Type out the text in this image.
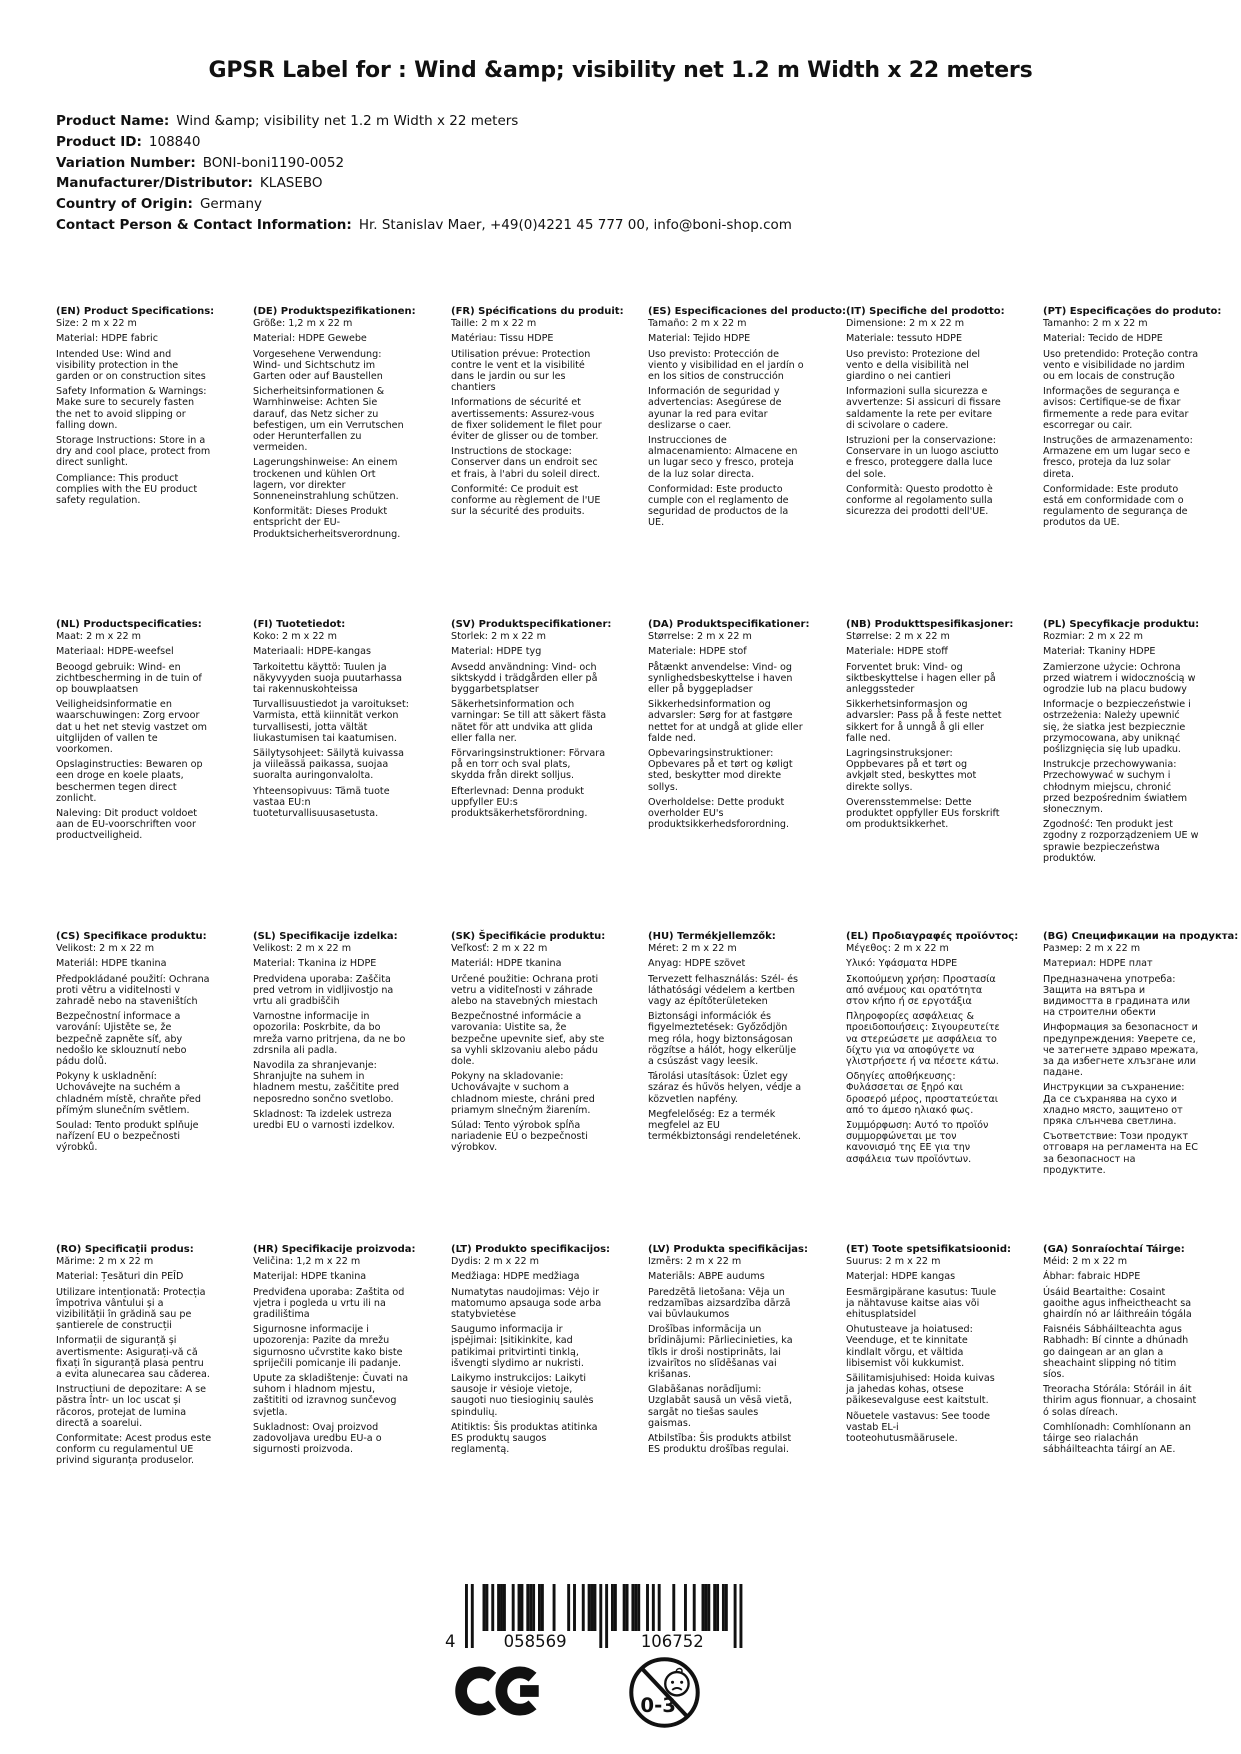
GPSR Label for : Wind &amp; visibility net 1.2 m Width x 22 meters
Product Name: Wind &amp; visibility net 1.2 m Width x 22 meters
Product ID: 108840
Variation Number: BONI-boni1190-0052
Manufacturer/Distributor: KLASEBO
Country of Origin: Germany
Contact Person & Contact Information: Hr. Stanislav Maer, +49(0)4221 45 777 00, info@boni-shop.com
(EN) Product Specifications:

Size: 2 m x 22 m

Material: HDPE fabric

Intended Use: Wind and visibility protection in the garden or on construction sites

Safety Information & Warnings: Make sure to securely fasten the net to avoid slipping or falling down.

Storage Instructions: Store in a dry and cool place, protect from direct sunlight.

Compliance: This product complies with the EU product safety regulation.

(DE) Produktspezifikationen:

Größe: 1,2 m x 22 m

Material: HDPE Gewebe

Vorgesehene Verwendung: Wind- und Sichtschutz im Garten oder auf Baustellen

Sicherheitsinformationen & Warnhinweise: Achten Sie darauf, das Netz sicher zu befestigen, um ein Verrutschen oder Herunterfallen zu vermeiden.

Lagerungshinweise: An einem trockenen und kühlen Ort lagern, vor direkter Sonneneinstrahlung schützen.

Konformität: Dieses Produkt entspricht der EU-Produktsicherheitsverordnung.

(FR) Spécifications du produit:

Taille: 2 m x 22 m

Matériau: Tissu HDPE

Utilisation prévue: Protection contre le vent et la visibilité dans le jardin ou sur les chantiers

Informations de sécurité et avertissements: Assurez-vous de fixer solidement le filet pour éviter de glisser ou de tomber.

Instructions de stockage: Conserver dans un endroit sec et frais, à l'abri du soleil direct.

Conformité: Ce produit est conforme au règlement de l'UE sur la sécurité des produits.

(ES) Especificaciones del producto:

Tamaño: 2 m x 22 m

Material: Tejido HDPE

Uso previsto: Protección de viento y visibilidad en el jardín o en los sitios de construcción

Información de seguridad y advertencias: Asegúrese de ayunar la red para evitar deslizarse o caer.

Instrucciones de almacenamiento: Almacene en un lugar seco y fresco, proteja de la luz solar directa.

Conformidad: Este producto cumple con el reglamento de seguridad de productos de la UE.

(IT) Specifiche del prodotto:

Dimensione: 2 m x 22 m

Materiale: tessuto HDPE

Uso previsto: Protezione del vento e della visibilità nel giardino o nei cantieri

Informazioni sulla sicurezza e avvertenze: Si assicuri di fissare saldamente la rete per evitare di scivolare o cadere.

Istruzioni per la conservazione: Conservare in un luogo asciutto e fresco, proteggere dalla luce del sole.

Conformità: Questo prodotto è conforme al regolamento sulla sicurezza dei prodotti dell'UE.

(PT) Especificações do produto:

Tamanho: 2 m x 22 m

Material: Tecido de HDPE

Uso pretendido: Proteção contra vento e visibilidade no jardim ou em locais de construção

Informações de segurança e avisos: Certifique-se de fixar firmemente a rede para evitar escorregar ou cair.

Instruções de armazenamento: Armazene em um lugar seco e fresco, proteja da luz solar direta.

Conformidade: Este produto está em conformidade com o regulamento de segurança de produtos da UE.

(NL) Productspecificaties:

Maat: 2 m x 22 m

Materiaal: HDPE-weefsel

Beoogd gebruik: Wind- en zichtbescherming in de tuin of op bouwplaatsen

Veiligheidsinformatie en waarschuwingen: Zorg ervoor dat u het net stevig vastzet om uitglijden of vallen te voorkomen.

Opslaginstructies: Bewaren op een droge en koele plaats, beschermen tegen direct zonlicht.

Naleving: Dit product voldoet aan de EU-voorschriften voor productveiligheid.

(FI) Tuotetiedot:

Koko: 2 m x 22 m

Materiaali: HDPE-kangas

Tarkoitettu käyttö: Tuulen ja näkyvyyden suoja puutarhassa tai rakennuskohteissa

Turvallisuustiedot ja varoitukset: Varmista, että kiinnität verkon turvallisesti, jotta vältät liukastumisen tai kaatumisen.

Säilytysohjeet: Säilytä kuivassa ja viileässä paikassa, suojaa suoralta auringonvalolta.

Yhteensopivuus: Tämä tuote vastaa EU:n tuoteturvallisuusasetusta.

(SV) Produktspecifikationer:

Storlek: 2 m x 22 m

Material: HDPE tyg

Avsedd användning: Vind- och siktskydd i trädgården eller på byggarbetsplatser

Säkerhetsinformation och varningar: Se till att säkert fästa nätet för att undvika att glida eller falla ner.

Förvaringsinstruktioner: Förvara på en torr och sval plats, skydda från direkt solljus.

Efterlevnad: Denna produkt uppfyller EU:s produktsäkerhetsförordning.

(DA) Produktspecifikationer:

Størrelse: 2 m x 22 m

Materiale: HDPE stof

Påtænkt anvendelse: Vind- og synlighedsbeskyttelse i haven eller på byggepladser

Sikkerhedsinformation og advarsler: Sørg for at fastgøre nettet for at undgå at glide eller falde ned.

Opbevaringsinstruktioner: Opbevares på et tørt og køligt sted, beskytter mod direkte sollys.

Overholdelse: Dette produkt overholder EU's produktsikkerhedsforordning.

(NB) Produkttspesifikasjoner:

Størrelse: 2 m x 22 m

Materiale: HDPE stoff

Forventet bruk: Vind- og siktbeskyttelse i hagen eller på anleggssteder

Sikkerhetsinformasjon og advarsler: Pass på å feste nettet sikkert for å unngå å gli eller falle ned.

Lagringsinstruksjoner: Oppbevares på et tørt og avkjølt sted, beskyttes mot direkte sollys.

Overensstemmelse: Dette produktet oppfyller EUs forskrift om produktsikkerhet.

(PL) Specyfikacje produktu:

Rozmiar: 2 m x 22 m

Materiał: Tkaniny HDPE

Zamierzone użycie: Ochrona przed wiatrem i widocznością w ogrodzie lub na placu budowy

Informacje o bezpieczeństwie i ostrzeżenia: Należy upewnić się, że siatka jest bezpiecznie przymocowana, aby uniknąć poślizgnięcia się lub upadku.

Instrukcje przechowywania: Przechowywać w suchym i chłodnym miejscu, chronić przed bezpośrednim światłem słonecznym.

Zgodność: Ten produkt jest zgodny z rozporządzeniem UE w sprawie bezpieczeństwa produktów.

(CS) Specifikace produktu:

Velikost: 2 m x 22 m

Materiál: HDPE tkanina

Předpokládané použití: Ochrana proti větru a viditelnosti v zahradě nebo na staveništích

Bezpečnostní informace a varování: Ujistěte se, že bezpečně zapněte síť, aby nedošlo ke sklouznutí nebo pádu dolů.

Pokyny k uskladnění: Uchovávejte na suchém a chladném místě, chraňte před přímým slunečním světlem.

Soulad: Tento produkt splňuje nařízení EU o bezpečnosti výrobků.

(SL) Specifikacije izdelka:

Velikost: 2 m x 22 m

Material: Tkanina iz HDPE

Predvidena uporaba: Zaščita pred vetrom in vidljivostjo na vrtu ali gradbiščih

Varnostne informacije in opozorila: Poskrbite, da bo mreža varno pritrjena, da ne bo zdrsnila ali padla.

Navodila za shranjevanje: Shranjujte na suhem in hladnem mestu, zaščitite pred neposredno sončno svetlobo.

Skladnost: Ta izdelek ustreza uredbi EU o varnosti izdelkov.

(SK) Špecifikácie produktu:

Veľkosť: 2 m x 22 m

Materiál: HDPE tkanina

Určené použitie: Ochrana proti vetru a viditeľnosti v záhrade alebo na stavebných miestach

Bezpečnostné informácie a varovania: Uistite sa, že bezpečne upevnite sieť, aby ste sa vyhli sklzovaniu alebo pádu dole.

Pokyny na skladovanie: Uchovávajte v suchom a chladnom mieste, chráni pred priamym slnečným žiarením.

Súlad: Tento výrobok spĺňa nariadenie EÚ o bezpečnosti výrobkov.

(HU) Termékjellemzők:

Méret: 2 m x 22 m

Anyag: HDPE szövet

Tervezett felhasználás: Szél- és láthatósági védelem a kertben vagy az építőterületeken

Biztonsági információk és figyelmeztetések: Győződjön meg róla, hogy biztonságosan rögzítse a hálót, hogy elkerülje a csúszást vagy leesik.

Tárolási utasítások: Üzlet egy száraz és hűvös helyen, védje a közvetlen napfény.

Megfelelőség: Ez a termék megfelel az EU termékbiztonsági rendeletének.

(EL) Προδιαγραφές προϊόντος:

Μέγεθος: 2 m x 22 m

Υλικό: Υφάσματα HDPE

Σκοπούμενη χρήση: Προστασία από ανέμους και ορατότητα στον κήπο ή σε εργοτάξια

Πληροφορίες ασφάλειας & προειδοποιήσεις: Σιγουρευτείτε να στερεώσετε με ασφάλεια το δίχτυ για να αποφύγετε να γλιστρήσετε ή να πέσετε κάτω.

Οδηγίες αποθήκευσης: Φυλάσσεται σε ξηρό και δροσερό μέρος, προστατεύεται από το άμεσο ηλιακό φως.

Συμμόρφωση: Αυτό το προϊόν συμμορφώνεται με τον κανονισμό της ΕΕ για την ασφάλεια των προϊόντων.

(BG) Спецификации на продукта:

Размер: 2 m x 22 m

Материал: HDPE плат

Предназначена употреба: Защита на вятъра и видимостта в градината или на строителни обекти

Информация за безопасност и предупреждения: Уверете се, че затегнете здраво мрежата, за да избегнете хлъзгане или падане.

Инструкции за съхранение: Да се съхранява на сухо и хладно място, защитено от пряка слънчева светлина.

Съответствие: Този продукт отговаря на регламента на ЕС за безопасност на продуктите.

(RO) Specificații produs:

Mărime: 2 m x 22 m

Material: Țesături din PEÎD

Utilizare intenționată: Protecția împotriva vântului și a vizibilității în grădină sau pe șantierele de construcții

Informații de siguranță și avertismente: Asigurați-vă că fixați în siguranță plasa pentru a evita alunecarea sau căderea.

Instrucțiuni de depozitare: A se păstra într- un loc uscat și răcoros, protejat de lumina directă a soarelui.

Conformitate: Acest produs este conform cu regulamentul UE privind siguranța produselor.

(HR) Specifikacije proizvoda:

Veličina: 1,2 m x 22 m

Materijal: HDPE tkanina

Predviđena uporaba: Zaštita od vjetra i pogleda u vrtu ili na gradilištima

Sigurnosne informacije i upozorenja: Pazite da mrežu sigurnosno učvrstite kako biste spriječili pomicanje ili padanje.

Upute za skladištenje: Čuvati na suhom i hladnom mjestu, zaštititi od izravnog sunčevog svjetla.

Sukladnost: Ovaj proizvod zadovoljava uredbu EU-a o sigurnosti proizvoda.

(LT) Produkto specifikacijos:

Dydis: 2 m x 22 m

Medžiaga: HDPE medžiaga

Numatytas naudojimas: Vėjo ir matomumo apsauga sode arba statybvietėse

Saugumo informacija ir įspėjimai: Įsitikinkite, kad patikimai pritvirtinti tinklą, išvengti slydimo ar nukristi.

Laikymo instrukcijos: Laikyti sausoje ir vėsioje vietoje, saugoti nuo tiesioginių saulės spindulių.

Atitiktis: Šis produktas atitinka ES produktų saugos reglamentą.

(LV) Produkta specifikācijas:

Izmērs: 2 m x 22 m

Materiāls: ABPE audums

Paredzētā lietošana: Vēja un redzamības aizsardzība dārzā vai būvlaukumos

Drošības informācija un brīdinājumi: Pārliecinieties, ka tīkls ir droši nostiprināts, lai izvairītos no slīdēšanas vai krišanas.

Glabāšanas norādījumi: Uzglabāt sausā un vēsā vietā, sargāt no tiešas saules gaismas.

Atbilstība: Šis produkts atbilst ES produktu drošības regulai.

(ET) Toote spetsifikatsioonid:

Suurus: 2 m x 22 m

Materjal: HDPE kangas

Eesmärgipärane kasutus: Tuule ja nähtavuse kaitse aias või ehitusplatsidel

Ohutusteave ja hoiatused: Veenduge, et te kinnitate kindlalt võrgu, et vältida libisemist või kukkumist.

Säilitamisjuhised: Hoida kuivas ja jahedas kohas, otsese päikesevalguse eest kaitstult.

Nõuetele vastavus: See toode vastab EL-i tooteohutusmäärusele.

(GA) Sonraíochtaí Táirge:

Méid: 2 m x 22 m

Ábhar: fabraic HDPE

Úsáid Beartaithe: Cosaint gaoithe agus infheictheacht sa ghairdín nó ar láithreáin tógála

Faisnéis Sábháilteachta agus Rabhadh: Bí cinnte a dhúnadh go daingean ar an glan a sheachaint slipping nó titim síos.

Treoracha Stórála: Stóráil in áit thirim agus fionnuar, a chosaint ó solas díreach.

Comhlíonadh: Comhlíonann an táirge seo rialachán sábháilteachta táirgí an AE.

4	058569	106752
0-3
